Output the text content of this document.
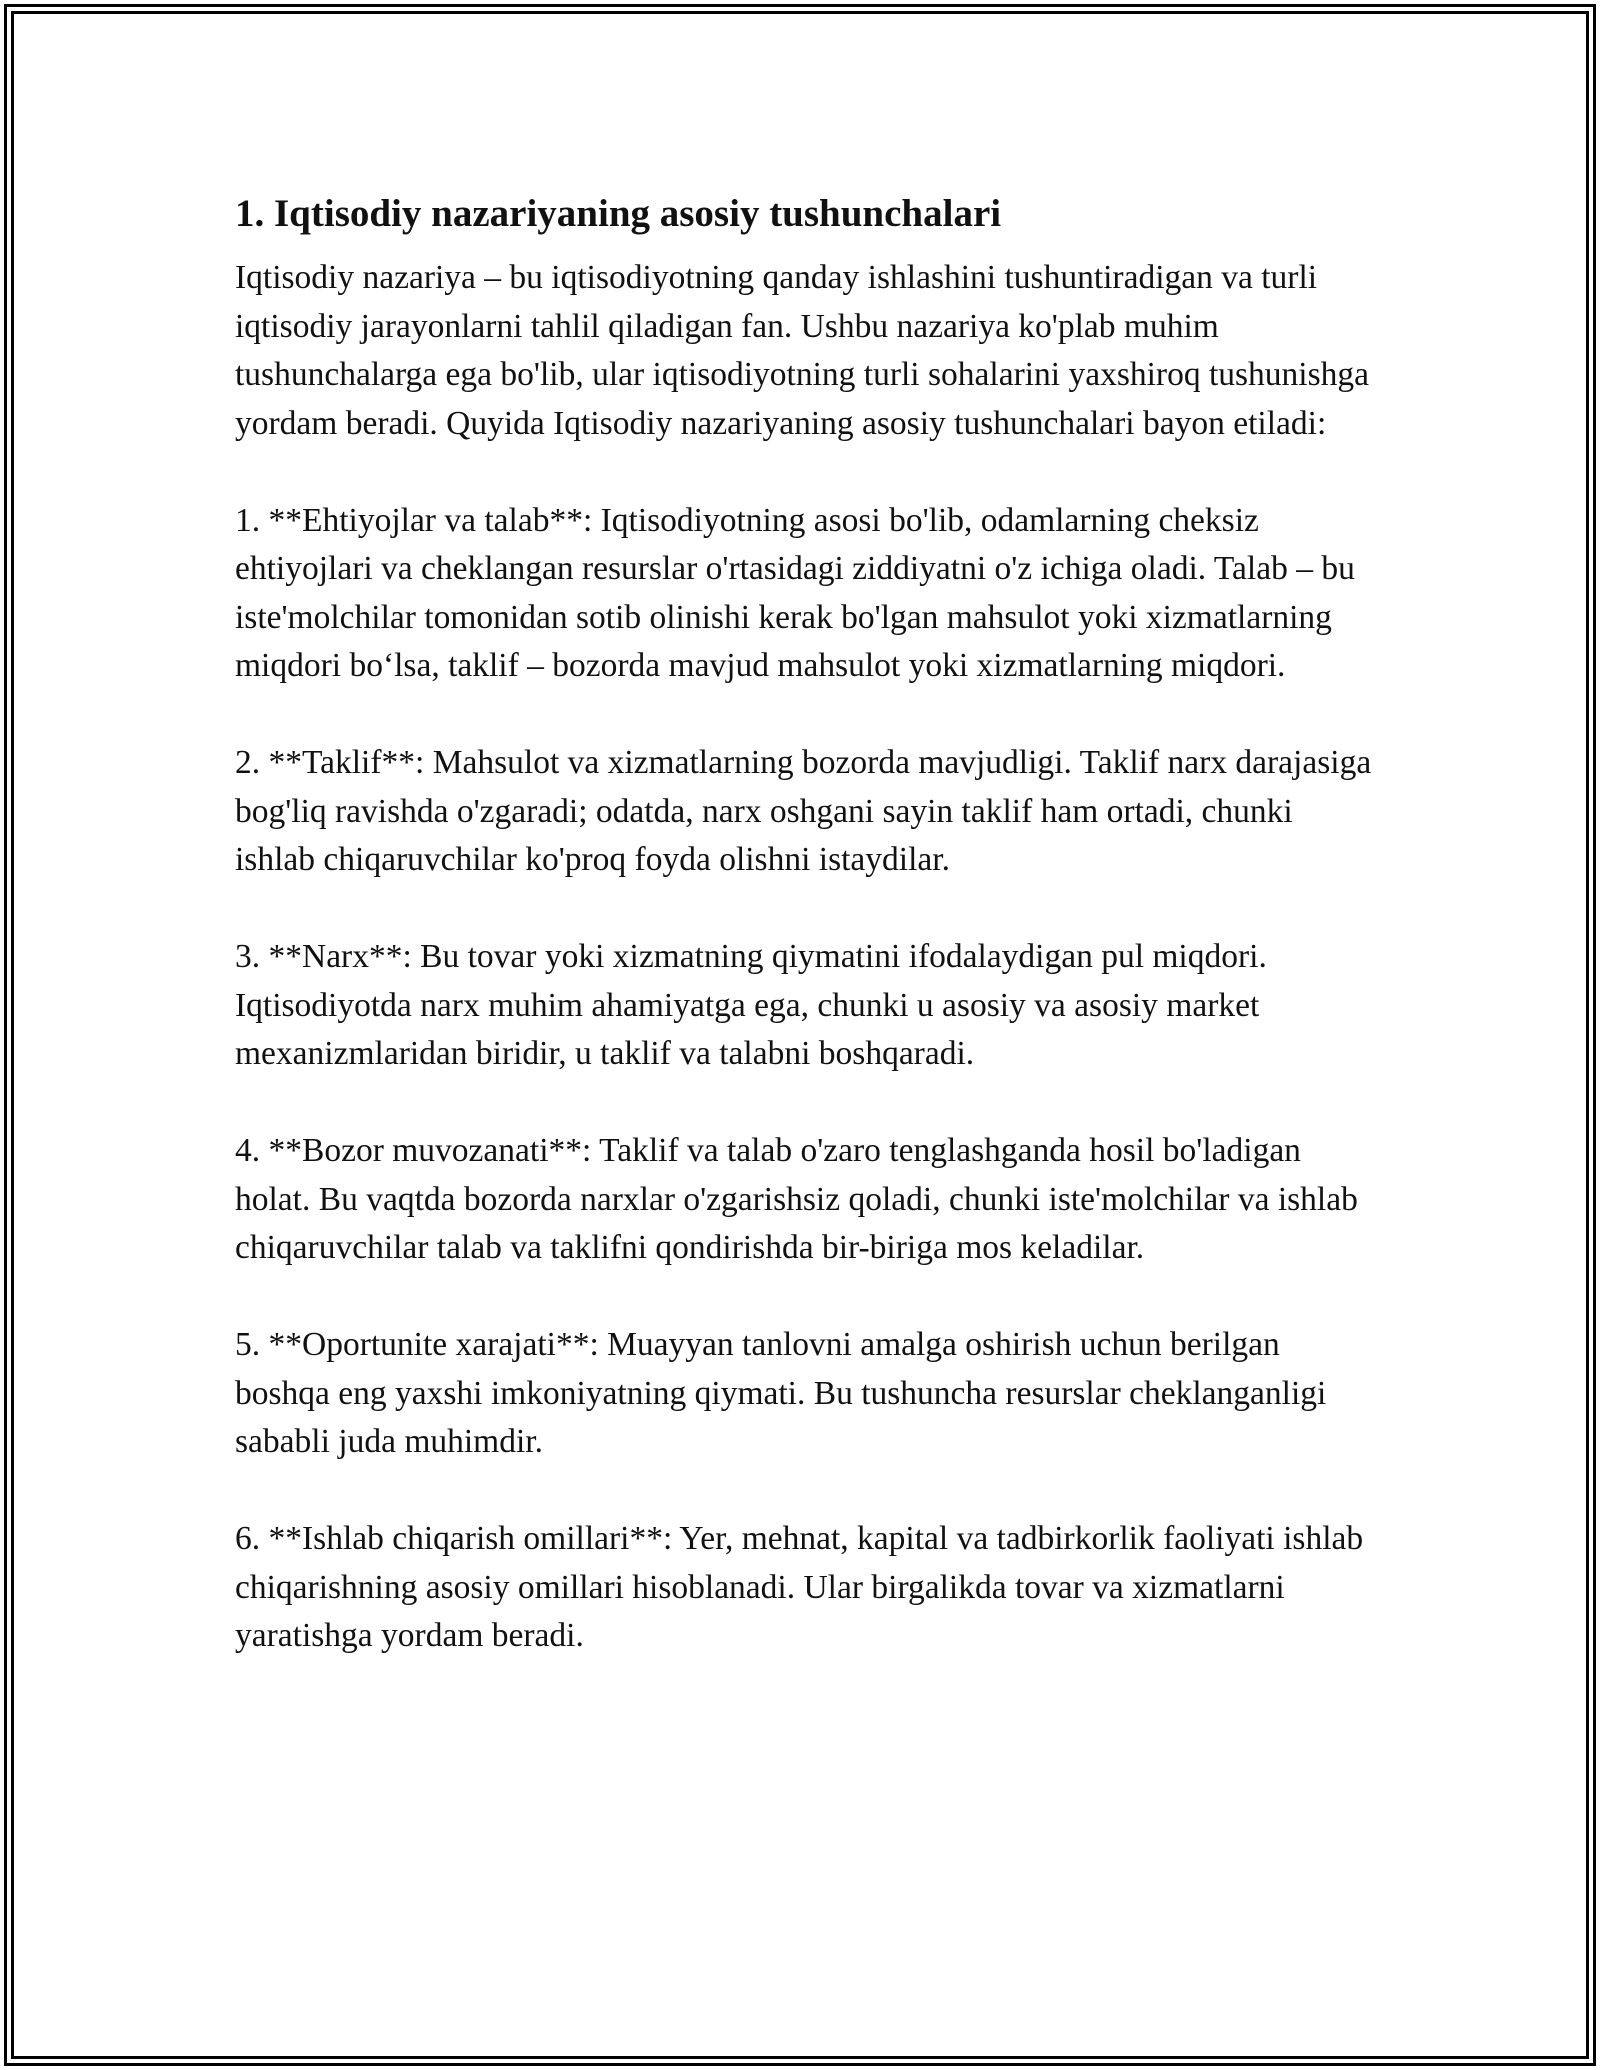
1. Iqtisodiy nazariyaning asosiy tushunchalari

Iqtisodiy nazariya – bu iqtisodiyotning qanday ishlashini tushuntiradigan va turli iqtisodiy jarayonlarni tahlil qiladigan fan. Ushbu nazariya ko'plab muhim tushunchalarga ega bo'lib, ular iqtisodiyotning turli sohalarini yaxshiroq tushunishga yordam beradi. Quyida Iqtisodiy nazariyaning asosiy tushunchalari bayon etiladi:

1. **Ehtiyojlar va talab**: Iqtisodiyotning asosi bo'lib, odamlarning cheksiz ehtiyojlari va cheklangan resurslar o'rtasidagi ziddiyatni o'z ichiga oladi. Talab – bu iste'molchilar tomonidan sotib olinishi kerak bo'lgan mahsulot yoki xizmatlarning miqdori bo‘lsa, taklif – bozorda mavjud mahsulot yoki xizmatlarning miqdori.

2. **Taklif**: Mahsulot va xizmatlarning bozorda mavjudligi. Taklif narx darajasiga bog'liq ravishda o'zgaradi; odatda, narx oshgani sayin taklif ham ortadi, chunki ishlab chiqaruvchilar ko'proq foyda olishni istaydilar.

3. **Narx**: Bu tovar yoki xizmatning qiymatini ifodalaydigan pul miqdori. Iqtisodiyotda narx muhim ahamiyatga ega, chunki u asosiy va asosiy market mexanizmlaridan biridir, u taklif va talabni boshqaradi.

4. **Bozor muvozanati**: Taklif va talab o'zaro tenglashganda hosil bo'ladigan holat. Bu vaqtda bozorda narxlar o'zgarishsiz qoladi, chunki iste'molchilar va ishlab chiqaruvchilar talab va taklifni qondirishda bir-biriga mos keladilar.

5. **Oportunite xarajati**: Muayyan tanlovni amalga oshirish uchun berilgan boshqa eng yaxshi imkoniyatning qiymati. Bu tushuncha resurslar cheklanganligi sababli juda muhimdir.

6. **Ishlab chiqarish omillari**: Yer, mehnat, kapital va tadbirkorlik faoliyati ishlab chiqarishning asosiy omillari hisoblanadi. Ular birgalikda tovar va xizmatlarni yaratishga yordam beradi.
